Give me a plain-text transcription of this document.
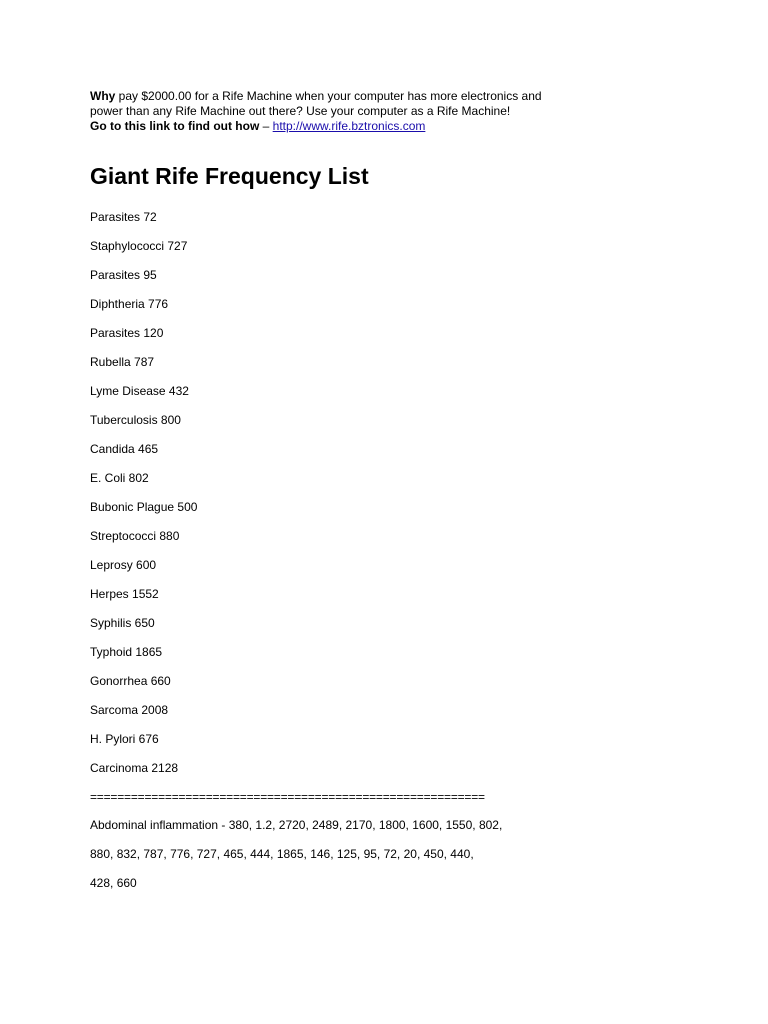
Why pay $2000.00 for a Rife Machine when your computer has more electronics and
power than any Rife Machine out there? Use your computer as a Rife Machine!
Go to this link to find out how – http://www.rife.bztronics.com

Giant Rife Frequency List
Parasites 72
Staphylococci 727
Parasites 95
Diphtheria 776
Parasites 120
Rubella 787
Lyme Disease 432
Tuberculosis 800
Candida 465
E. Coli 802
Bubonic Plague 500
Streptococci 880
Leprosy 600
Herpes 1552
Syphilis 650
Typhoid 1865
Gonorrhea 660
Sarcoma 2008
H. Pylori 676
Carcinoma 2128
==========================================================
Abdominal inflammation - 380, 1.2, 2720, 2489, 2170, 1800, 1600, 1550, 802,
880, 832, 787, 776, 727, 465, 444, 1865, 146, 125, 95, 72, 20, 450, 440,
428, 660
